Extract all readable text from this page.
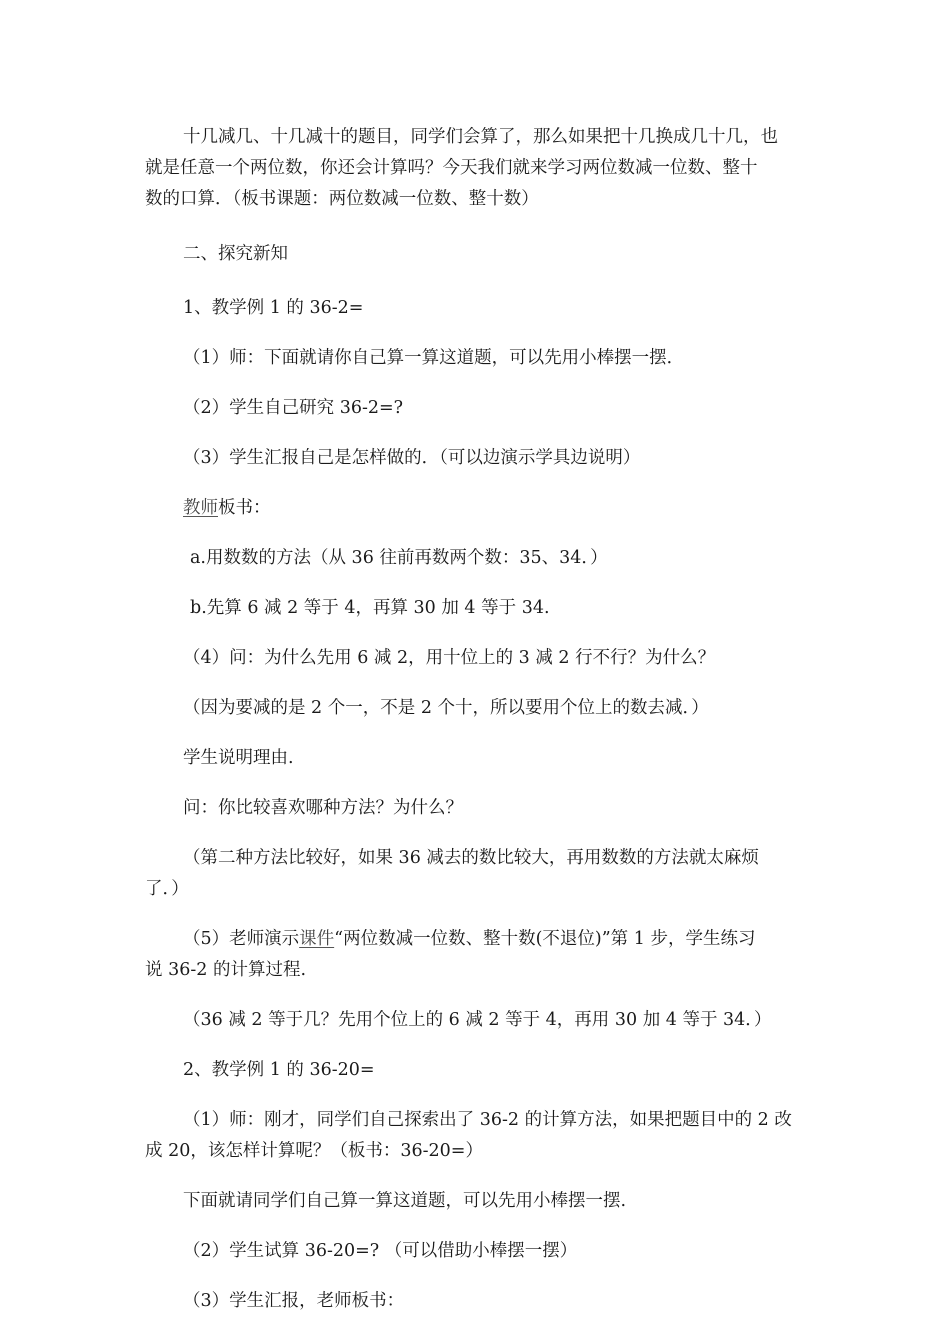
十几减几、十几减十的题目，同学们会算了，那么如果把十几换成几十几，也

就是任意一个两位数，你还会计算吗？今天我们就来学习两位数减一位数、整十

数的口算．（板书课题：两位数减一位数、整十数）

二、探究新知

1、教学例 1 的 36-2=

（1）师：下面就请你自己算一算这道题，可以先用小棒摆一摆．

（2）学生自己研究 36-2=?

（3）学生汇报自己是怎样做的．（可以边演示学具边说明）

教师板书：

a.用数数的方法（从 36 往前再数两个数：35、34．）

b.先算 6 减 2 等于 4，再算 30 加 4 等于 34.

（4）问：为什么先用 6 减 2，用十位上的 3 减 2 行不行？为什么？

（因为要减的是 2 个一，不是 2 个十，所以要用个位上的数去减．）

学生说明理由.

问：你比较喜欢哪种方法？为什么？

（第二种方法比较好，如果 36 减去的数比较大，再用数数的方法就太麻烦

了．）

（5）老师演示课件“两位数减一位数、整十数(不退位)”第 1 步，学生练习

说 36-2 的计算过程.

（36 减 2 等于几？先用个位上的 6 减 2 等于 4，再用 30 加 4 等于 34．）

2、教学例 1 的 36-20=

（1）师：刚才，同学们自己探索出了 36-2 的计算方法，如果把题目中的 2 改

成 20，该怎样计算呢？（板书：36-20=）

下面就请同学们自己算一算这道题，可以先用小棒摆一摆.

（2）学生试算 36-20=? （可以借助小棒摆一摆）

（3）学生汇报，老师板书：
